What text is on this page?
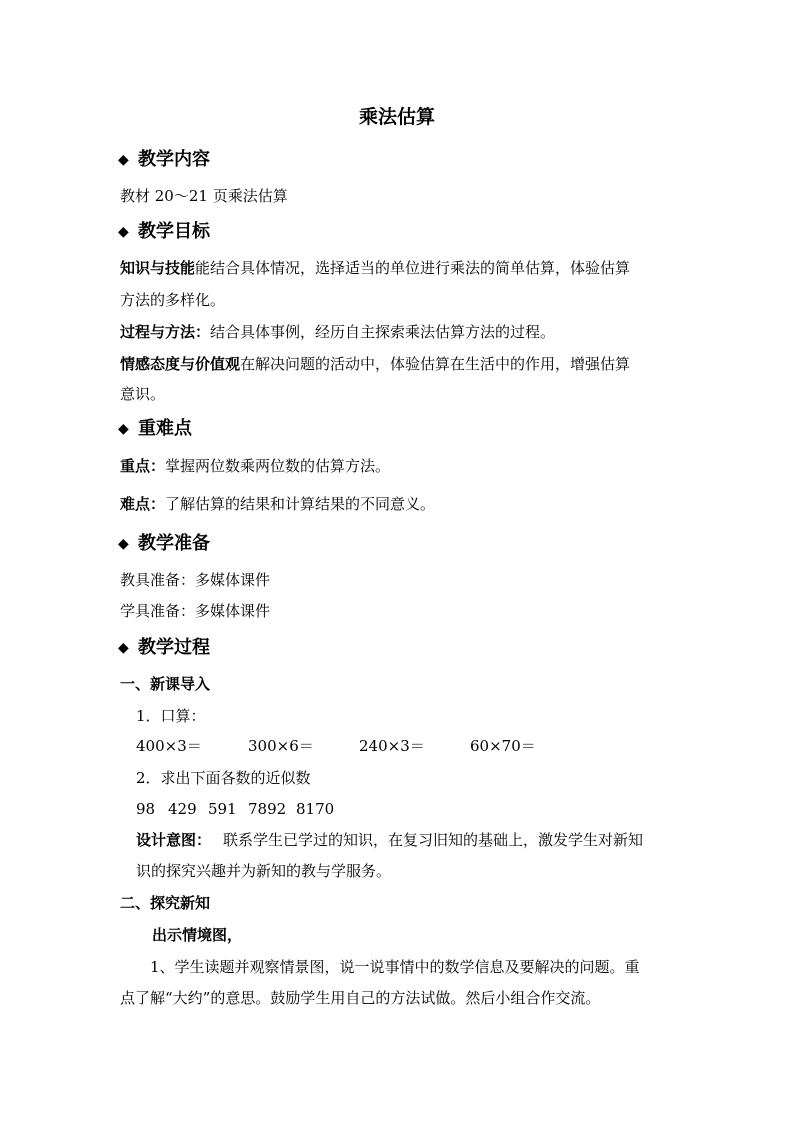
乘法估算
◆ 教学内容
教材 20～21 页乘法估算
◆ 教学目标
知识与技能能结合具体情况，选择适当的单位进行乘法的简单估算，体验估算
方法的多样化。
过程与方法：结合具体事例，经历自主探索乘法估算方法的过程。
情感态度与价值观在解决问题的活动中，体验估算在生活中的作用，增强估算
意识。
◆ 重难点
重点：掌握两位数乘两位数的估算方法。
难点：了解估算的结果和计算结果的不同意义。
◆ 教学准备
教具准备：多媒体课件
学具准备：多媒体课件
◆ 教学过程
一、新课导入
1．口算：
400×3＝	300×6＝	240×3＝	60×70＝
2．求出下面各数的近似数
98 429 591 7892 8170
设计意图： 联系学生已学过的知识，在复习旧知的基础上，激发学生对新知
识的探究兴趣并为新知的教与学服务。
二、探究新知
出示情境图，
1、学生读题并观察情景图，说一说事情中的数学信息及要解决的问题。重
点了解“大约”的意思。鼓励学生用自己的方法试做。然后小组合作交流。
